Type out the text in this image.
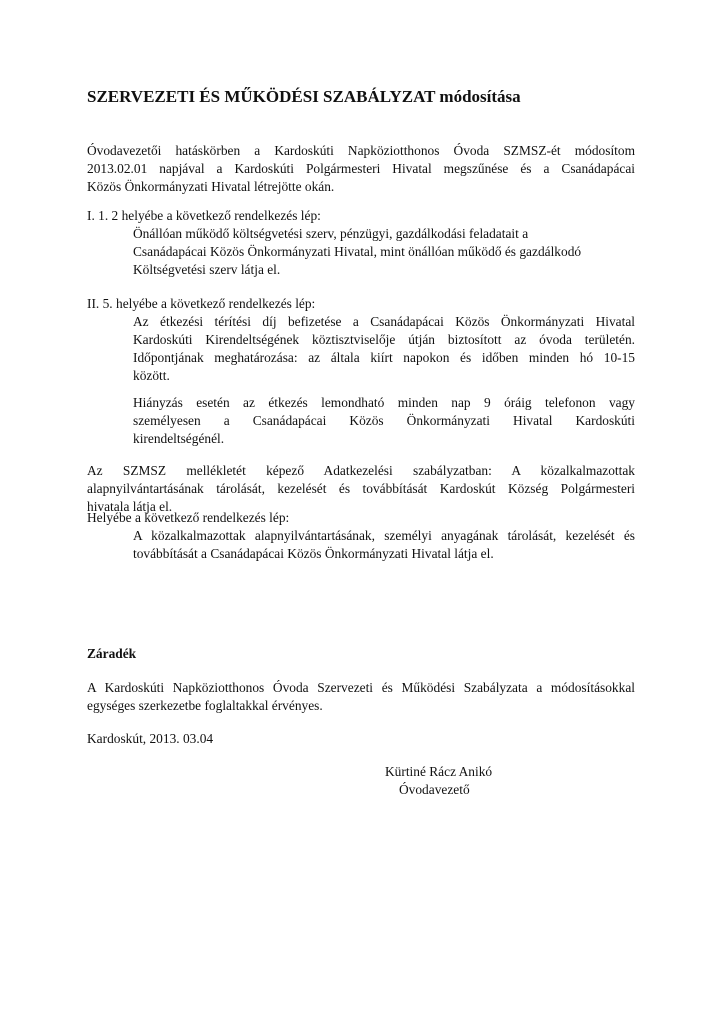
SZERVEZETI ÉS MŰKÖDÉSI SZABÁLYZAT módosítása
Óvodavezetői hatáskörben a Kardoskúti Napköziotthonos Óvoda SZMSZ-ét módosítom
2013.02.01 napjával a Kardoskúti Polgármesteri Hivatal megszűnése és a Csanádapácai
Közös Önkormányzati Hivatal létrejötte okán.
I. 1. 2 helyébe a következő rendelkezés lép:
Önállóan működő költségvetési szerv, pénzügyi, gazdálkodási feladatait a
Csanádapácai Közös Önkormányzati Hivatal, mint önállóan működő és gazdálkodó
Költségvetési szerv látja el.
II. 5. helyébe a következő rendelkezés lép:
Az étkezési térítési díj befizetése a Csanádapácai Közös Önkormányzati Hivatal
Kardoskúti Kirendeltségének köztisztviselője útján biztosított az óvoda területén.
Időpontjának meghatározása: az általa kiírt napokon és időben minden hó 10-15
között.
Hiányzás esetén az étkezés lemondható minden nap 9 óráig telefonon vagy
személyesen a Csanádapácai Közös Önkormányzati Hivatal Kardoskúti
kirendeltségénél.
Az SZMSZ mellékletét képező Adatkezelési szabályzatban: A közalkalmazottak
alapnyilvántartásának tárolását, kezelését és továbbítását Kardoskút Község Polgármesteri
hivatala látja el.
Helyébe a következő rendelkezés lép:
A közalkalmazottak alapnyilvántartásának, személyi anyagának tárolását, kezelését és
továbbítását a Csanádapácai Közös Önkormányzati Hivatal látja el.
Záradék
A Kardoskúti Napköziotthonos Óvoda Szervezeti és Működési Szabályzata a módosításokkal
egységes szerkezetbe foglaltakkal érvényes.
Kardoskút, 2013. 03.04
Kürtiné Rácz Anikó
Óvodavezető
